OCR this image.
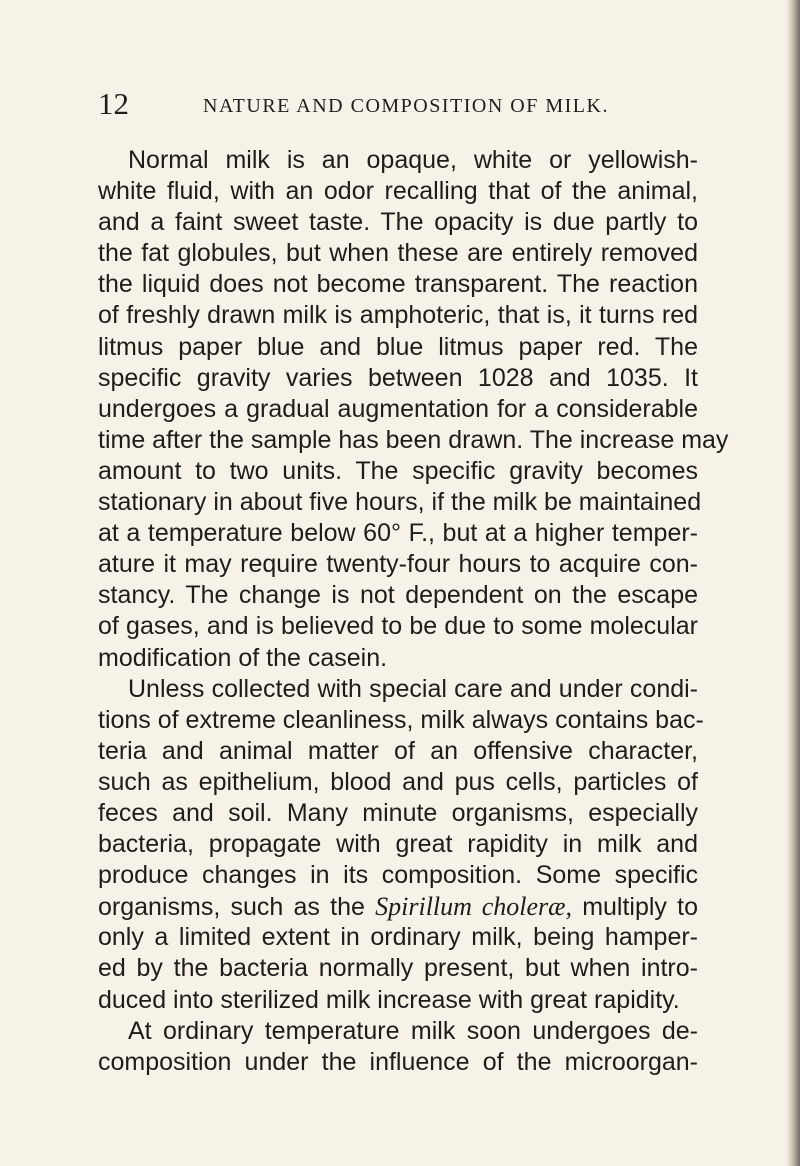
12	NATURE AND COMPOSITION OF MILK.
Normal milk is an opaque, white or yellowish-
white fluid, with an odor recalling that of the animal,
and a faint sweet taste. The opacity is due partly to
the fat globules, but when these are entirely removed
the liquid does not become transparent. The reaction
of freshly drawn milk is amphoteric, that is, it turns red
litmus paper blue and blue litmus paper red. The
specific gravity varies between 1028 and 1035. It
undergoes a gradual augmentation for a considerable
time after the sample has been drawn. The increase may
amount to two units. The specific gravity becomes
stationary in about five hours, if the milk be maintained
at a temperature below 60° F., but at a higher temper-
ature it may require twenty-four hours to acquire con-
stancy. The change is not dependent on the escape
of gases, and is believed to be due to some molecular
modification of the casein.
Unless collected with special care and under condi-
tions of extreme cleanliness, milk always contains bac-
teria and animal matter of an offensive character,
such as epithelium, blood and pus cells, particles of
feces and soil. Many minute organisms, especially
bacteria, propagate with great rapidity in milk and
produce changes in its composition. Some specific
organisms, such as the Spirillum choleræ, multiply to
only a limited extent in ordinary milk, being hamper-
ed by the bacteria normally present, but when intro-
duced into sterilized milk increase with great rapidity.
At ordinary temperature milk soon undergoes de-
composition under the influence of the microorgan-
